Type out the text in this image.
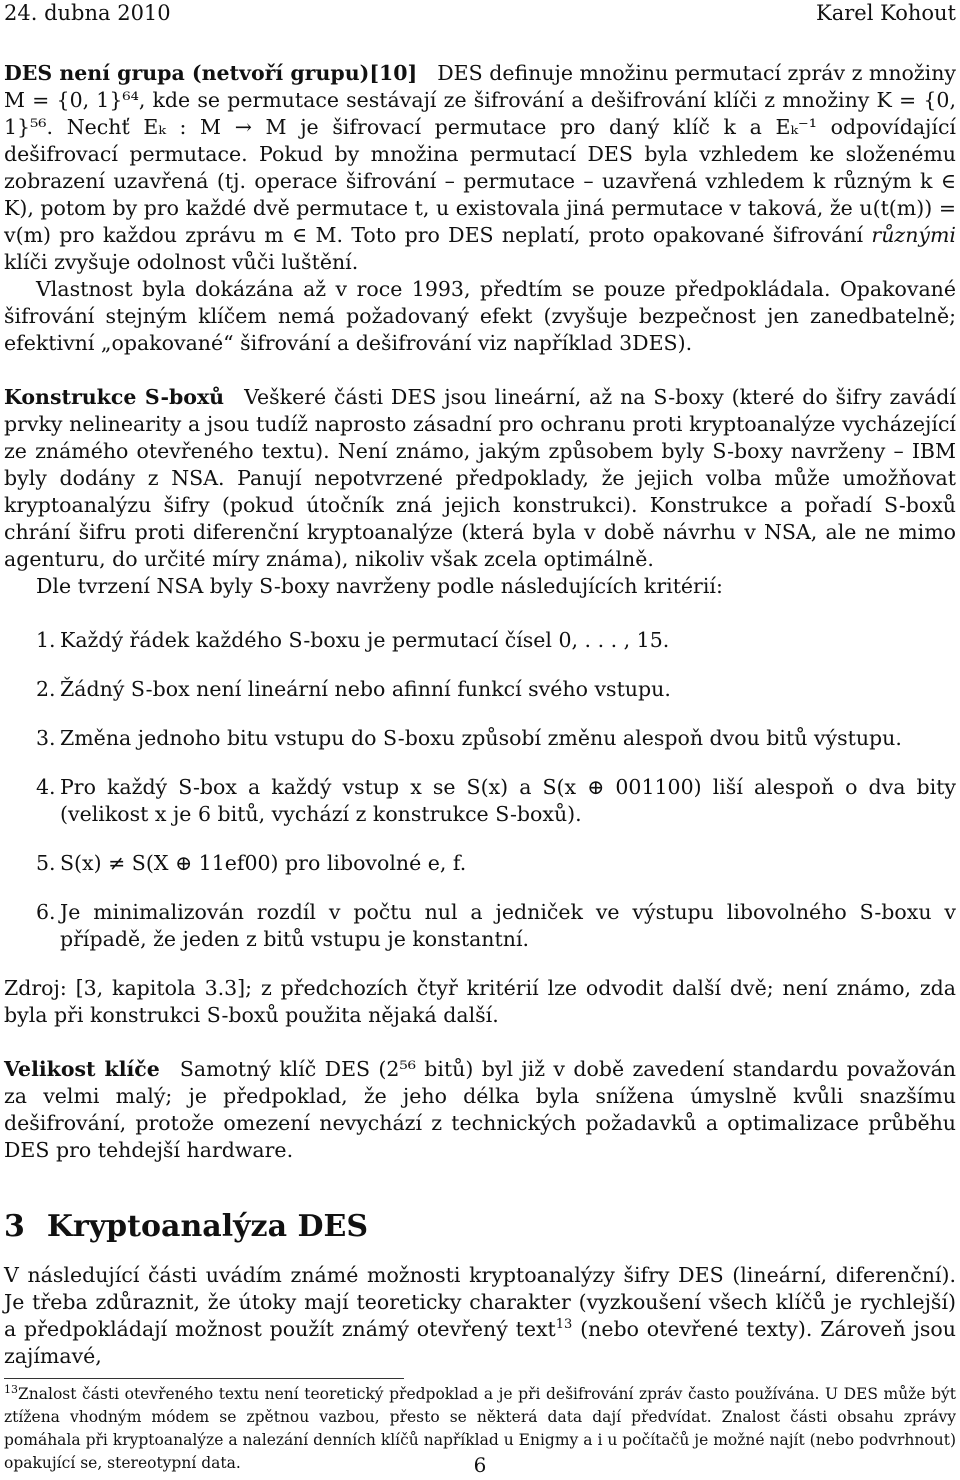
24. dubna 2010	Karel Kohout

DES není grupa (netvoří grupu)[10] DES definuje množinu permutací zpráv z množiny M = {0, 1}⁶⁴, kde se permutace sestávají ze šifrování a dešifrování klíči z množiny K = {0, 1}⁵⁶. Nechť Eₖ : M → M je šifrovací permutace pro daný klíč k a Eₖ⁻¹ odpovídající dešifrovací permutace. Pokud by množina permutací DES byla vzhledem ke složenému zobrazení uzavřená (tj. operace šifrování – permutace – uzavřená vzhledem k různým k ∈ K), potom by pro každé dvě permutace t, u existovala jiná permutace v taková, že u(t(m)) = v(m) pro každou zprávu m ∈ M. Toto pro DES neplatí, proto opakované šifrování různými klíči zvyšuje odolnost vůči luštění.

Vlastnost byla dokázána až v roce 1993, předtím se pouze předpokládala. Opakované šifrování stejným klíčem nemá požadovaný efekt (zvyšuje bezpečnost jen zanedbatelně; efektivní „opakované“ šifrování a dešifrování viz například 3DES).

Konstrukce S-boxů Veškeré části DES jsou lineární, až na S-boxy (které do šifry zavádí prvky nelinearity a jsou tudíž naprosto zásadní pro ochranu proti kryptoanalýze vycházející ze známého otevřeného textu). Není známo, jakým způsobem byly S-boxy navrženy – IBM byly dodány z NSA. Panují nepotvrzené předpoklady, že jejich volba může umožňovat kryptoanalýzu šifry (pokud útočník zná jejich konstrukci). Konstrukce a pořadí S-boxů chrání šifru proti diferenční kryptoanalýze (která byla v době návrhu v NSA, ale ne mimo agenturu, do určité míry známa), nikoliv však zcela optimálně.

Dle tvrzení NSA byly S-boxy navrženy podle následujících kritérií:

1. Každý řádek každého S-boxu je permutací čísel 0, . . . , 15.
2. Žádný S-box není lineární nebo afinní funkcí svého vstupu.
3. Změna jednoho bitu vstupu do S-boxu způsobí změnu alespoň dvou bitů výstupu.
4. Pro každý S-box a každý vstup x se S(x) a S(x ⊕ 001100) liší alespoň o dva bity (velikost x je 6 bitů, vychází z konstrukce S-boxů).
5. S(x) ≠ S(X ⊕ 11ef00) pro libovolné e, f.
6. Je minimalizován rozdíl v počtu nul a jedniček ve výstupu libovolného S-boxu v případě, že jeden z bitů vstupu je konstantní.

Zdroj: [3, kapitola 3.3]; z předchozích čtyř kritérií lze odvodit další dvě; není známo, zda byla při konstrukci S-boxů použita nějaká další.

Velikost klíče Samotný klíč DES (2⁵⁶ bitů) byl již v době zavedení standardu považován za velmi malý; je předpoklad, že jeho délka byla snížena úmyslně kvůli snazšímu dešifrování, protože omezení nevychází z technických požadavků a optimalizace průběhu DES pro tehdejší hardware.

3 Kryptoanalýza DES

V následující části uvádím známé možnosti kryptoanalýzy šifry DES (lineární, diferenční). Je třeba zdůraznit, že útoky mají teoreticky charakter (vyzkoušení všech klíčů je rychlejší) a předpokládají možnost použít známý otevřený text$^{13}$ (nebo otevřené texty). Zároveň jsou zajímavé,

$^{13}$Znalost části otevřeného textu není teoretický předpoklad a je při dešifrování zpráv často používána. U DES může být ztížena vhodným módem se zpětnou vazbou, přesto se některá data dají předvídat. Znalost části obsahu zprávy pomáhala při kryptoanalýze a nalezání denních klíčů například u Enigmy a i u počítačů je možné najít (nebo podvrhnout) opakující se, stereotypní data.	6
